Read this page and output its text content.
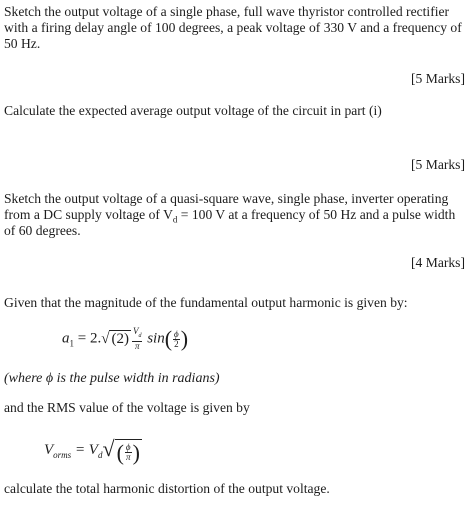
Sketch the output voltage of a single phase, full wave thyristor controlled rectifier
with a firing delay angle of 100 degrees, a peak voltage of 330 V and a frequency of
50 Hz.
[5 Marks]
Calculate the expected average output voltage of the circuit in part (i)
[5 Marks]
Sketch the output voltage of a quasi-square wave, single phase, inverter operating
from a DC supply voltage of $V_d = 100$ V at a frequency of 50 Hz and a pulse width
of 60 degrees.
[4 Marks]
Given that the magnitude of the fundamental output harmonic is given by:
$a_1 = 2.√$ $(2) \frac{V_d}{\pi} \sin( \frac{\phi}{2}$ )
(where ϕ is the pulse width in radians)
and the RMS value of the voltage is given by
$V_{orms} = V_d√( \frac{\phi}{\pi}$ )
calculate the total harmonic distortion of the output voltage.
